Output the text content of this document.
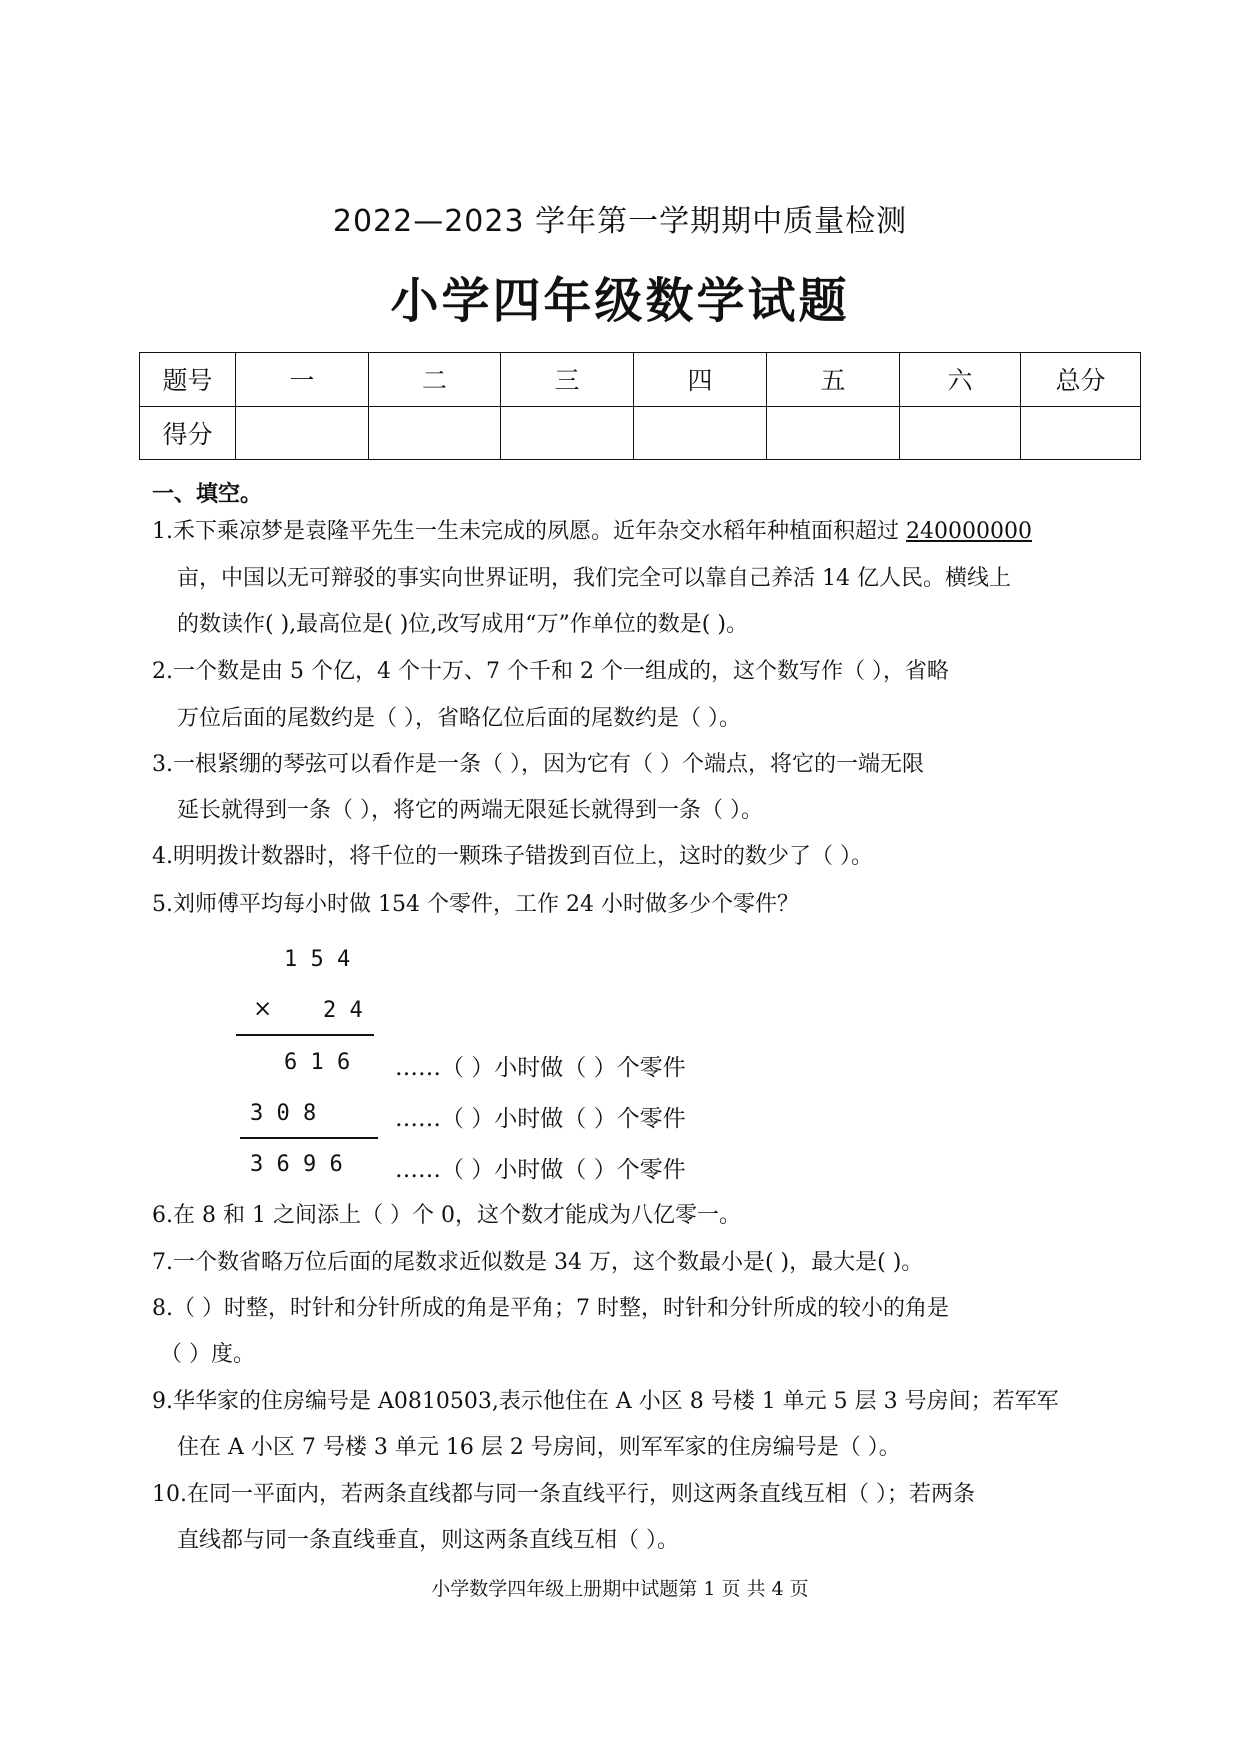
2022—2023 学年第一学期期中质量检测
小学四年级数学试题
题号	一	二	三	四	五	六	总分
得分							
一、填空。
1.禾下乘凉梦是袁隆平先生一生未完成的夙愿。近年杂交水稻年种植面积超过 240000000
亩，中国以无可辩驳的事实向世界证明，我们完全可以靠自己养活 14 亿人民。横线上
的数读作( ),最高位是( )位,改写成用“万”作单位的数是( )。
2.一个数是由 5 个亿，4 个十万、7 个千和 2 个一组成的，这个数写作（ ），省略
万位后面的尾数约是（ ），省略亿位后面的尾数约是（ ）。
3.一根紧绷的琴弦可以看作是一条（ ），因为它有（ ）个端点，将它的一端无限
延长就得到一条（ ），将它的两端无限延长就得到一条（ ）。
4.明明拨计数器时，将千位的一颗珠子错拨到百位上，这时的数少了（ ）。
5.刘师傅平均每小时做 154 个零件，工作 24 小时做多少个零件？
1 5 4
× 2 4
6 1 6 ……（ ）小时做（ ）个零件
3 0 8	……（ ）小时做（ ）个零件
3 6 9 6 ……（ ）小时做（ ）个零件
6.在 8 和 1 之间添上（ ）个 0，这个数才能成为八亿零一。
7.一个数省略万位后面的尾数求近似数是 34 万，这个数最小是( )，最大是( )。
8.（ ）时整，时针和分针所成的角是平角；7 时整，时针和分针所成的较小的角是
（ ）度。
9.华华家的住房编号是 A0810503,表示他住在 A 小区 8 号楼 1 单元 5 层 3 号房间；若军军
住在 A 小区 7 号楼 3 单元 16 层 2 号房间，则军军家的住房编号是（ ）。
10.在同一平面内，若两条直线都与同一条直线平行，则这两条直线互相（ ）；若两条
直线都与同一条直线垂直，则这两条直线互相（ ）。
小学数学四年级上册期中试题第 1 页 共 4 页
